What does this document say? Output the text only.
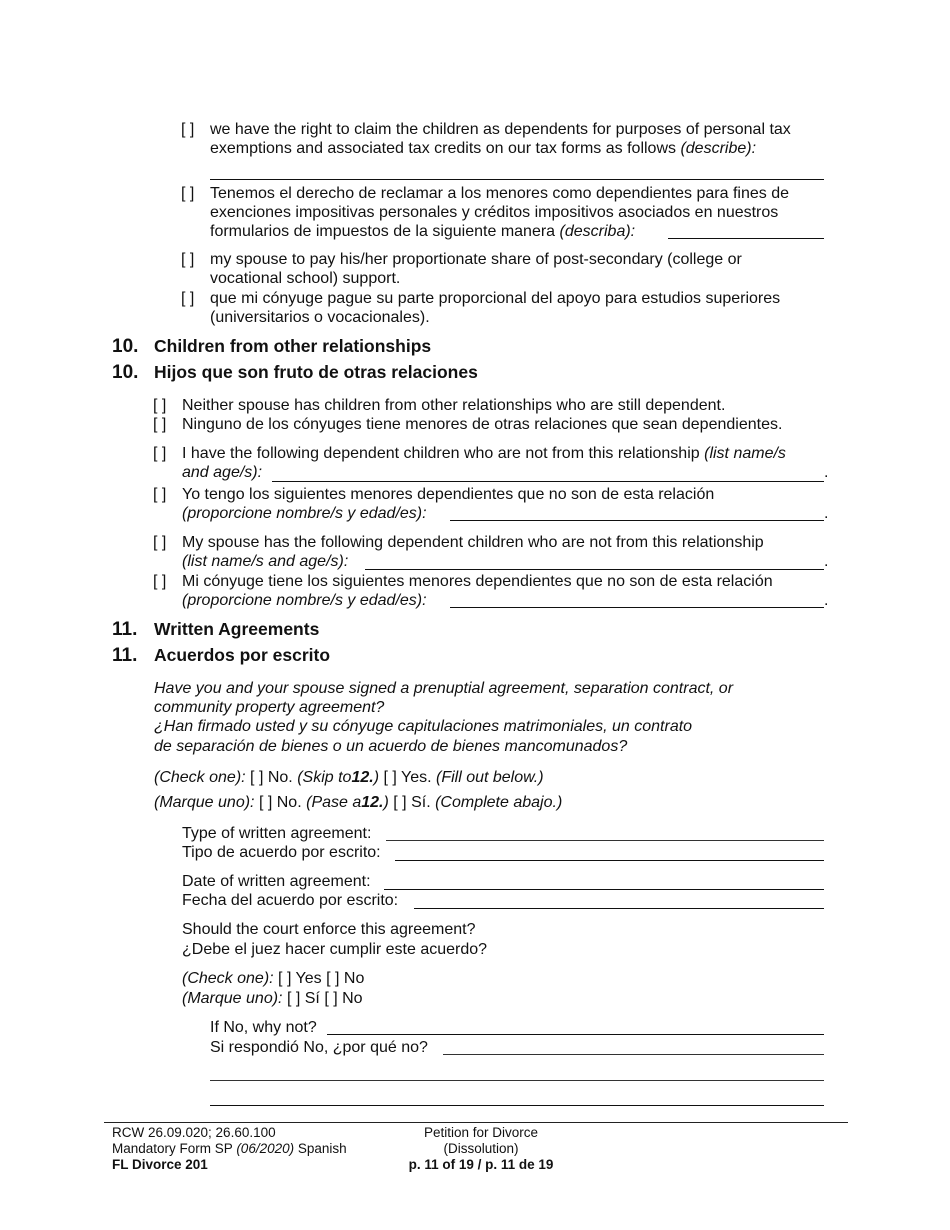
[ ] we have the right to claim the children as dependents for purposes of personal tax exemptions and associated tax credits on our tax forms as follows (describe):
[ ] Tenemos el derecho de reclamar a los menores como dependientes para fines de exenciones impositivas personales y créditos impositivos asociados en nuestros formularios de impuestos de la siguiente manera (describa):
[ ] my spouse to pay his/her proportionate share of post-secondary (college or vocational school) support.
[ ] que mi cónyuge pague su parte proporcional del apoyo para estudios superiores (universitarios o vocacionales).
10. Children from other relationships
10. Hijos que son fruto de otras relaciones
[ ] Neither spouse has children from other relationships who are still dependent.
[ ] Ninguno de los cónyuges tiene menores de otras relaciones que sean dependientes.
[ ] I have the following dependent children who are not from this relationship (list name/s
and age/s):	.
[ ] Yo tengo los siguientes menores dependientes que no son de esta relación
(proporcione nombre/s y edad/es):	.
[ ] My spouse has the following dependent children who are not from this relationship
(list name/s and age/s):	.
[ ] Mi cónyuge tiene los siguientes menores dependientes que no son de esta relación
(proporcione nombre/s y edad/es):	.
11. Written Agreements
11. Acuerdos por escrito
Have you and your spouse signed a prenuptial agreement, separation contract, or community property agreement?
¿Han firmado usted y su cónyuge capitulaciones matrimoniales, un contrato
de separación de bienes o un acuerdo de bienes mancomunados?
(Check one): [ ] No. (Skip to12.) [ ] Yes. (Fill out below.)
(Marque uno): [ ] No. (Pase a12.) [ ] Sí. (Complete abajo.)
Type of written agreement:
Tipo de acuerdo por escrito:
Date of written agreement:
Fecha del acuerdo por escrito:
Should the court enforce this agreement?
¿Debe el juez hacer cumplir este acuerdo?
(Check one): [ ] Yes [ ] No
(Marque uno): [ ] Sí [ ] No
If No, why not?
Si respondió No, ¿por qué no?
RCW 26.09.020; 26.60.100
Mandatory Form SP (06/2020) Spanish
FL Divorce 201
Petition for Divorce
(Dissolution)
p. 11 of 19 / p. 11 de 19
